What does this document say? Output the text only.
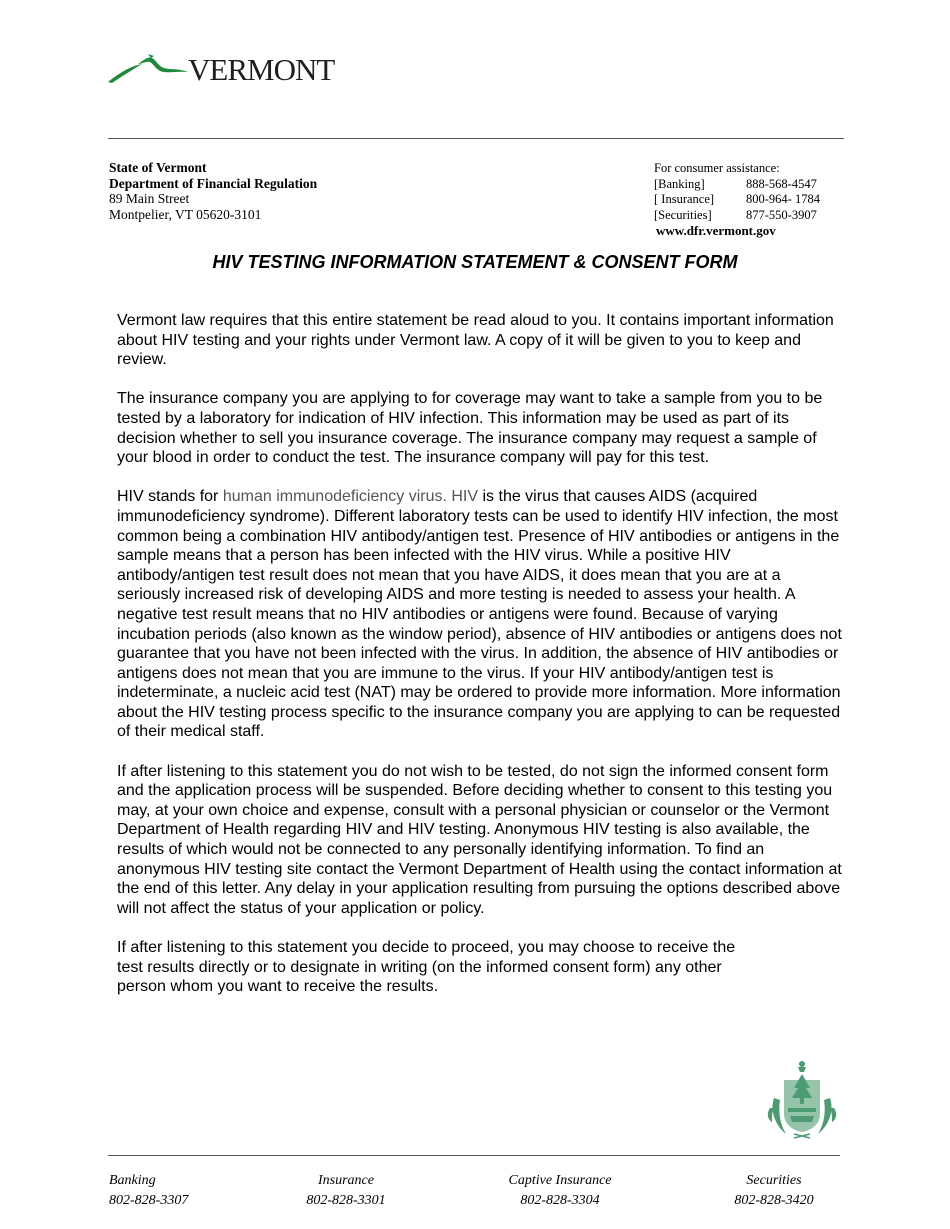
VERMONT
State of Vermont
Department of Financial Regulation
89 Main Street
Montpelier, VT 05620-3101
For consumer assistance:
[Banking]	888-568-4547
[ Insurance]	800-964- 1784
[Securities]	877-550-3907
www.dfr.vermont.gov
HIV TESTING INFORMATION STATEMENT & CONSENT FORM

Vermont law requires that this entire statement be read aloud to you. It contains important information about HIV testing and your rights under Vermont law. A copy of it will be given to you to keep and review.

The insurance company you are applying to for coverage may want to take a sample from you to be tested by a laboratory for indication of HIV infection. This information may be used as part of its decision whether to sell you insurance coverage. The insurance company may request a sample of your blood in order to conduct the test. The insurance company will pay for this test.

HIV stands for human immunodeficiency virus. HIV is the virus that causes AIDS (acquired immunodeficiency syndrome). Different laboratory tests can be used to identify HIV infection, the most common being a combination HIV antibody/antigen test. Presence of HIV antibodies or antigens in the sample means that a person has been infected with the HIV virus. While a positive HIV antibody/antigen test result does not mean that you have AIDS, it does mean that you are at a seriously increased risk of developing AIDS and more testing is needed to assess your health. A negative test result means that no HIV antibodies or antigens were found. Because of varying incubation periods (also known as the window period), absence of HIV antibodies or antigens does not guarantee that you have not been infected with the virus. In addition, the absence of HIV antibodies or antigens does not mean that you are immune to the virus. If your HIV antibody/antigen test is indeterminate, a nucleic acid test (NAT) may be ordered to provide more information. More information about the HIV testing process specific to the insurance company you are applying to can be requested of their medical staff.

If after listening to this statement you do not wish to be tested, do not sign the informed consent form and the application process will be suspended. Before deciding whether to consent to this testing you may, at your own choice and expense, consult with a personal physician or counselor or the Vermont Department of Health regarding HIV and HIV testing. Anonymous HIV testing is also available, the results of which would not be connected to any personally identifying information. To find an anonymous HIV testing site contact the Vermont Department of Health using the contact information at the end of this letter. Any delay in your application resulting from pursuing the options described above will not affect the status of your application or policy.

If after listening to this statement you decide to proceed, you may choose to receive the test results directly or to designate in writing (on the informed consent form) any other person whom you want to receive the results.

Banking
802-828-3307
Insurance
802-828-3301
Captive Insurance
802-828-3304
Securities
802-828-3420
